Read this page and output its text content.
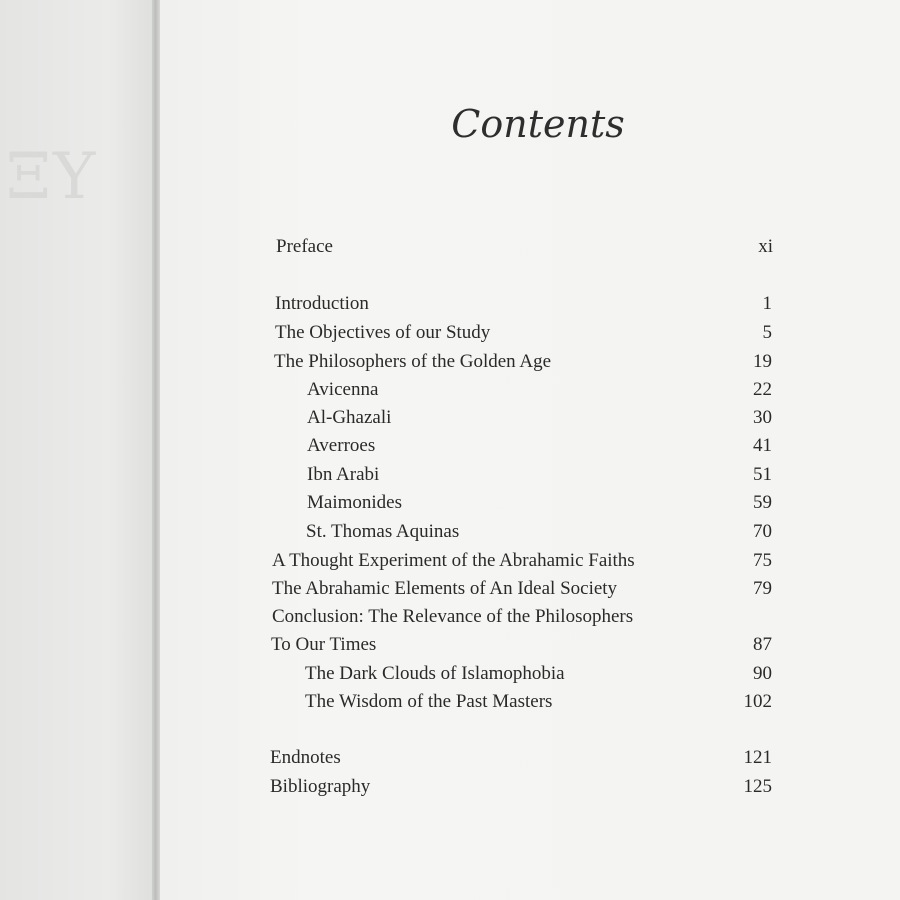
ΞY
Contents
Preface	xi
Introduction	1
The Objectives of our Study	5
The Philosophers of the Golden Age	19
Avicenna	22
Al-Ghazali	30
Averroes	41
Ibn Arabi	51
Maimonides	59
St. Thomas Aquinas	70
A Thought Experiment of the Abrahamic Faiths	75
The Abrahamic Elements of An Ideal Society	79
Conclusion: The Relevance of the Philosophers
To Our Times	87
The Dark Clouds of Islamophobia	90
The Wisdom of the Past Masters	102
Endnotes	121
Bibliography	125
